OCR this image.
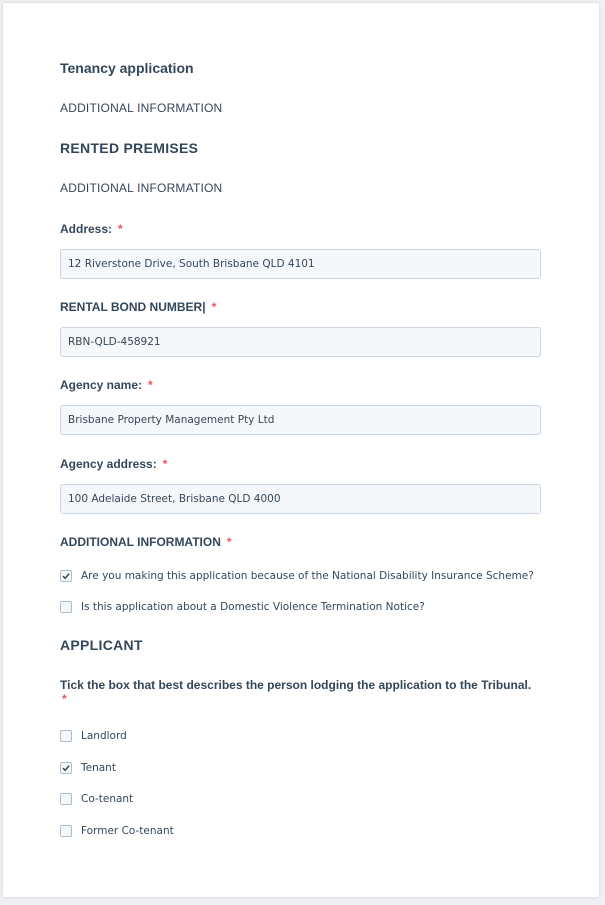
Tenancy application
ADDITIONAL INFORMATION
RENTED PREMISES
ADDITIONAL INFORMATION
Address: *
12 Riverstone Drive, South Brisbane QLD 4101
RENTAL BOND NUMBER| *
RBN-QLD-458921
Agency name: *
Brisbane Property Management Pty Ltd
Agency address: *
100 Adelaide Street, Brisbane QLD 4000
ADDITIONAL INFORMATION *
Are you making this application because of the National Disability Insurance Scheme?
Is this application about a Domestic Violence Termination Notice?
APPLICANT
Tick the box that best describes the person lodging the application to the Tribunal.
*
Landlord
Tenant
Co-tenant
Former Co-tenant
